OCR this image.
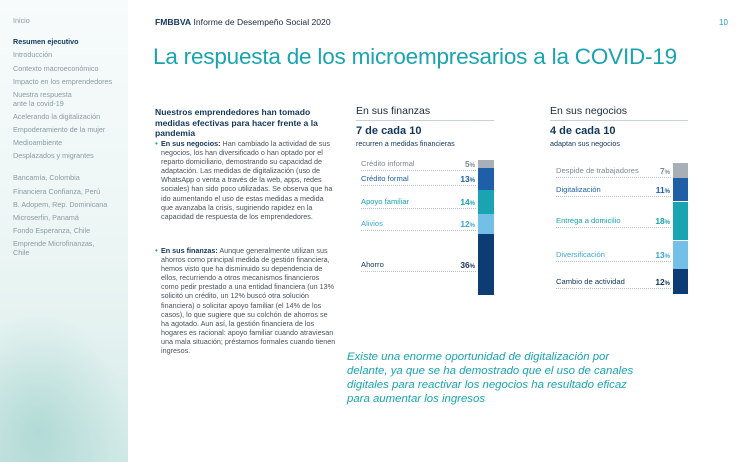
Inicio
Resumen ejecutivo
Introducción
Contexto macroeconómico
Impacto en los emprendedores
Nuestra respuesta ante la covid-19
Acelerando la digitalización
Empoderamiento de la mujer
Medioambiente
Desplazados y migrantes
Bancamía, Colombia
Financiera Confianza, Perú
B. Adopem, Rep. Dominicana
Microserfin, Panamá
Fondo Esperanza, Chile
Emprende Microfinanzas, Chile
FMBBVA Informe de Desempeño Social 2020	10
La respuesta de los microempresarios a la COVID-19
Nuestros emprendedores han tomado medidas efectivas para hacer frente a la pandemia
• En sus negocios: Han cambiado la actividad de sus negocios, los han diversificado o han optado por el reparto domiciliario, demostrando su capacidad de adaptación. Las medidas de digitalización (uso de WhatsApp o venta a través de la web, apps, redes sociales) han sido poco utilizadas. Se observa que ha ido aumentando el uso de estas medidas a medida que avanzaba la crisis, sugiriendo rapidez en la capacidad de respuesta de los emprendedores.
• En sus finanzas: Aunque generalmente utilizan sus ahorros como principal medida de gestión financiera, hemos visto que ha disminuido su dependencia de ellos, recurriendo a otros mecanismos financieros como pedir prestado a una entidad financiera (un 13% solicitó un crédito, un 12% buscó otra solución financiera) o solicitar apoyo familiar (el 14% de los casos), lo que sugiere que su colchón de ahorros se ha agotado. Aun así, la gestión financiera de los hogares es racional: apoyo familiar cuando atraviesan una mala situación; préstamos formales cuando tienen ingresos.
En sus finanzas
7 de cada 10
recurren a medidas financieras
Crédito informal	5%
Crédito formal	13%
Apoyo familiar	14%
Alivios	12%
Ahorro	36%
En sus negocios
4 de cada 10
adaptan sus negocios
Despide de trabajadores	7%
Digitalización	11%
Entrega a domicilio	18%
Diversificación	13%
Cambio de actividad	12%
Existe una enorme oportunidad de digitalización por delante, ya que se ha demostrado que el uso de canales digitales para reactivar los negocios ha resultado eficaz para aumentar los ingresos
